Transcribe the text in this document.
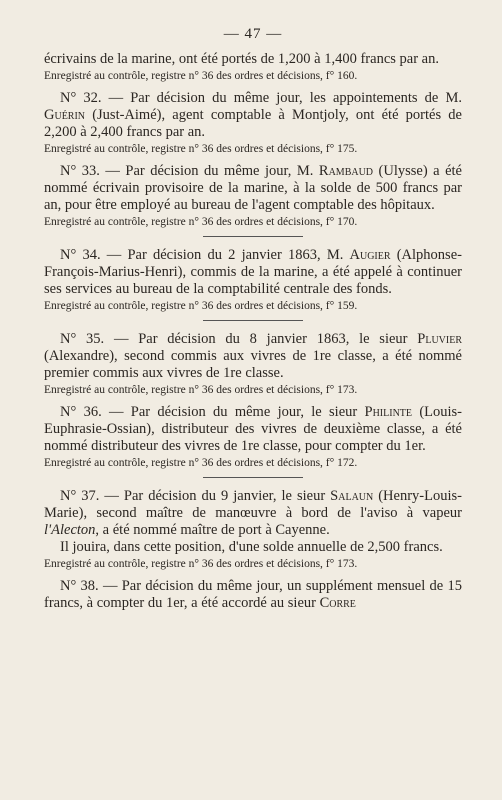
— 47 —

écrivains de la marine, ont été portés de 1,200 à 1,400 francs par an.

Enregistré au contrôle, registre n° 36 des ordres et décisions, f° 160.

N° 32. — Par décision du même jour, les appointements de M. Guérin (Just-Aimé), agent comptable à Montjoly, ont été portés de 2,200 à 2,400 francs par an.

Enregistré au contrôle, registre n° 36 des ordres et décisions, f° 175.

N° 33. — Par décision du même jour, M. Rambaud (Ulysse) a été nommé écrivain provisoire de la marine, à la solde de 500 francs par an, pour être employé au bureau de l'agent comptable des hôpitaux.

Enregistré au contrôle, registre n° 36 des ordres et décisions, f° 170.

N° 34. — Par décision du 2 janvier 1863, M. Augier (Alphonse-François-Marius-Henri), commis de la marine, a été appelé à continuer ses services au bureau de la comptabilité centrale des fonds.

Enregistré au contrôle, registre n° 36 des ordres et décisions, f° 159.

N° 35. — Par décision du 8 janvier 1863, le sieur Pluvier (Alexandre), second commis aux vivres de 1re classe, a été nommé premier commis aux vivres de 1re classe.

Enregistré au contrôle, registre n° 36 des ordres et décisions, f° 173.

N° 36. — Par décision du même jour, le sieur Philinte (Louis-Euphrasie-Ossian), distributeur des vivres de deuxième classe, a été nommé distributeur des vivres de 1re classe, pour compter du 1er.

Enregistré au contrôle, registre n° 36 des ordres et décisions, f° 172.

N° 37. — Par décision du 9 janvier, le sieur Salaun (Henry-Louis-Marie), second maître de manœuvre à bord de l'aviso à vapeur l'Alecton, a été nommé maître de port à Cayenne.

Il jouira, dans cette position, d'une solde annuelle de 2,500 francs.

Enregistré au contrôle, registre n° 36 des ordres et décisions, f° 173.

N° 38. — Par décision du même jour, un supplément mensuel de 15 francs, à compter du 1er, a été accordé au sieur Corre
